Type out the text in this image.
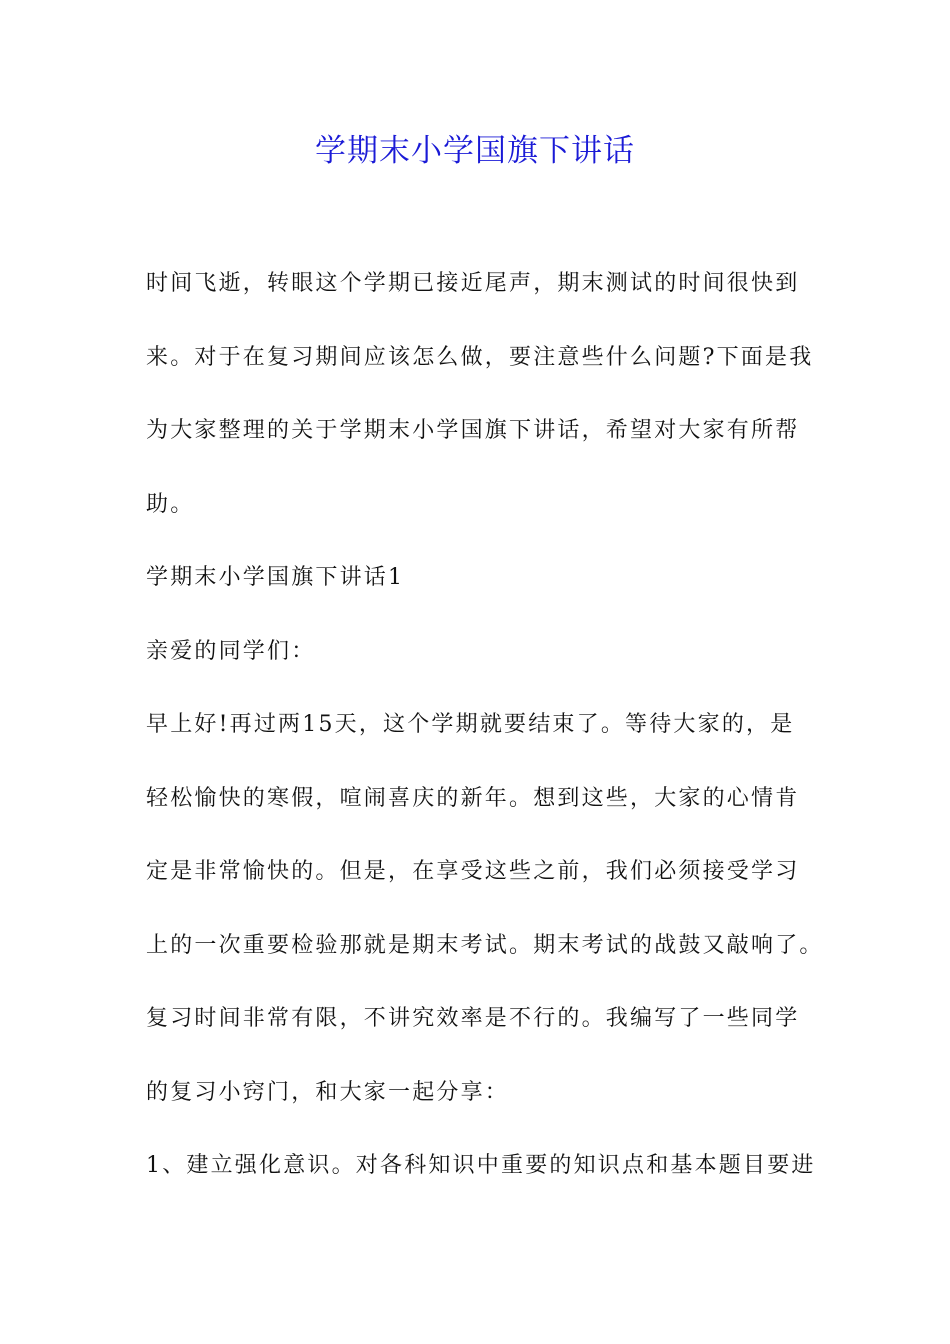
学期末小学国旗下讲话
时间飞逝，转眼这个学期已接近尾声，期末测试的时间很快到
来。对于在复习期间应该怎么做，要注意些什么问题?下面是我
为大家整理的关于学期末小学国旗下讲话，希望对大家有所帮
助。
学期末小学国旗下讲话1
亲爱的同学们：
早上好!再过两15天，这个学期就要结束了。等待大家的，是
轻松愉快的寒假，喧闹喜庆的新年。想到这些，大家的心情肯
定是非常愉快的。但是，在享受这些之前，我们必须接受学习
上的一次重要检验那就是期末考试。期末考试的战鼓又敲响了。
复习时间非常有限，不讲究效率是不行的。我编写了一些同学
的复习小窍门，和大家一起分享：
1、建立强化意识。对各科知识中重要的知识点和基本题目要进
